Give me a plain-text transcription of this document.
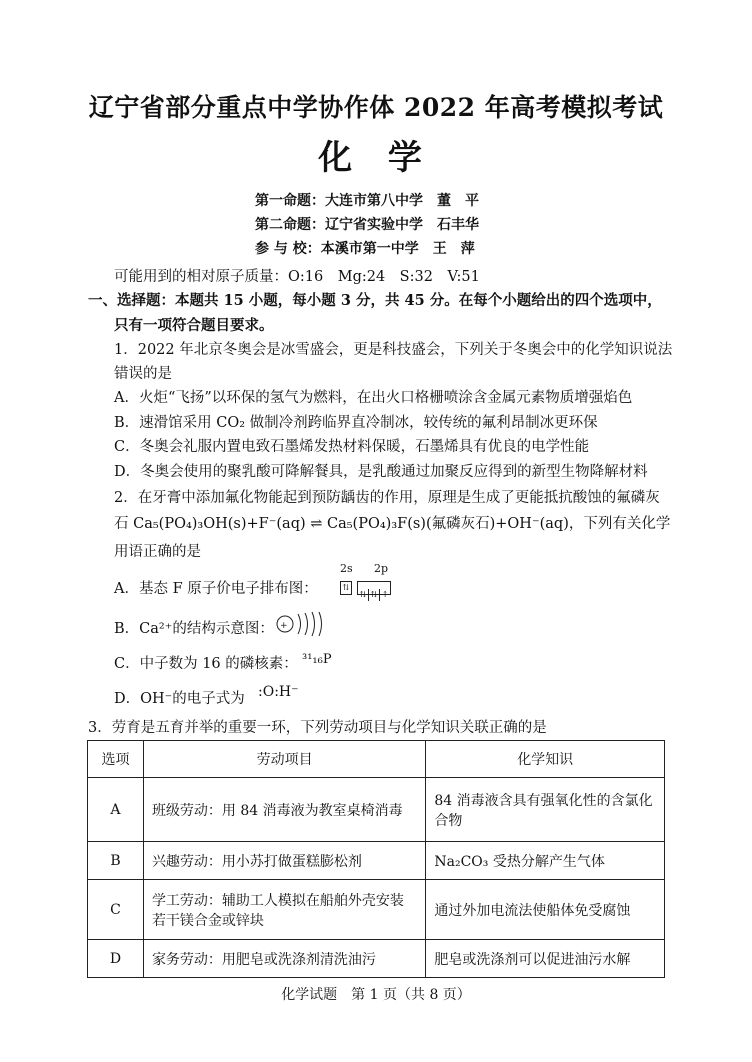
辽宁省部分重点中学协作体 2022 年高考模拟考试
化 学
第一命题：大连市第八中学　董　平
第二命题：辽宁省实验中学　石丰华
参 与 校：本溪市第一中学　王　萍
可能用到的相对原子质量：O:16　Mg:24　S:32　V:51
一、选择题：本题共 15 小题，每小题 3 分，共 45 分。在每个小题给出的四个选项中，
只有一项符合题目要求。
1．2022 年北京冬奥会是冰雪盛会，更是科技盛会，下列关于冬奥会中的化学知识说法
错误的是
A．火炬“飞扬”以环保的氢气为燃料，在出火口格栅喷涂含金属元素物质增强焰色
B．速滑馆采用 CO₂ 做制冷剂跨临界直冷制冰，较传统的氟利昂制冰更环保
C．冬奥会礼服内置电致石墨烯发热材料保暖，石墨烯具有优良的电学性能
D．冬奥会使用的聚乳酸可降解餐具，是乳酸通过加聚反应得到的新型生物降解材料
2．在牙膏中添加氟化物能起到预防龋齿的作用，原理是生成了更能抵抗酸蚀的氟磷灰
石 Ca₅(PO₄)₃OH(s)+F⁻(aq) ⇌ Ca₅(PO₄)₃F(s)(氟磷灰石)+OH⁻(aq)，下列有关化学
用语正确的是
A．基态 F 原子价电子排布图：
2s 2p
⇅ ⇅ ⇅ ↑
B．Ca²⁺的结构示意图： +
C．中子数为 16 的磷核素： ³¹₁₆P
D．OH⁻的电子式为 :O:H⁻
3．劳育是五育并举的重要一环，下列劳动项目与化学知识关联正确的是
选项	劳动项目	化学知识
A	班级劳动：用 84 消毒液为教室桌椅消毒	84 消毒液含具有强氧化性的含氯化合物
B	兴趣劳动：用小苏打做蛋糕膨松剂	Na₂CO₃ 受热分解产生气体
C	学工劳动：辅助工人模拟在船舶外壳安装若干镁合金或锌块	通过外加电流法使船体免受腐蚀
D	家务劳动：用肥皂或洗涤剂清洗油污	肥皂或洗涤剂可以促进油污水解
化学试题　第 1 页（共 8 页）
